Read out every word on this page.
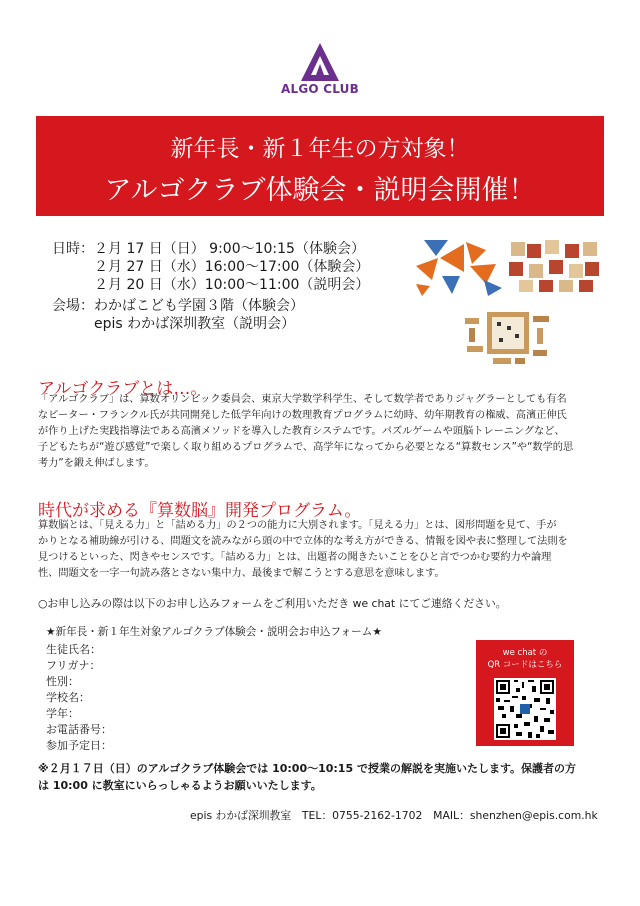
ALGO CLUB
新年長・新１年生の方対象！
アルゴクラブ体験会・説明会開催！
日時：２月 17 日（日） 9:00〜10:15（体験会）
　　　２月 27 日（水）16:00〜17:00（体験会）
　　　２月 20 日（水）10:00〜11:00（説明会）
会場：わかばこども学園３階（体験会）
　　　epis わかば深圳教室（説明会）
アルゴクラブとは…。
「アルゴクラブ」は、算数オリンピック委員会、東京大学数学科学生、そして数学者でありジャグラーとしても有名
なピーター・フランクル氏が共同開発した低学年向けの数理教育プログラムに幼時、幼年期教育の権威、高濱正伸氏
が作り上げた実践指導法である高濱メソッドを導入した教育システムです。パズルゲームや頭脳トレーニングなど、
子どもたちが“遊び感覚”で楽しく取り組めるプログラムで、高学年になってから必要となる“算数センス”や“数学的思
考力”を鍛え伸ばします。
時代が求める『算数脳』開発プログラム。
算数脳とは、「見える力」と「詰める力」の２つの能力に大別されます。「見える力」とは、図形問題を見て、手が
かりとなる補助線が引ける、問題文を読みながら頭の中で立体的な考え方ができる、情報を図や表に整理して法則を
見つけるといった、閃きやセンスです。「詰める力」とは、出題者の聞きたいことをひと言でつかむ要約力や論理
性、問題文を一字一句読み落とさない集中力、最後まで解こうとする意思を意味します。
○お申し込みの際は以下のお申し込みフォームをご利用いただき we chat にてご連絡ください。
★新年長・新１年生対象アルゴクラブ体験会・説明会お申込フォーム★
生徒氏名：
フリガナ：
性別：
学校名：
学年：
お電話番号：
参加予定日：
we chat の
QR コードはこちら
※２月１７日（日）のアルゴクラブ体験会では 10:00〜10:15 で授業の解説を実施いたします。保護者の方
は 10:00 に教室にいらっしゃるようお願いいたします。
epis わかば深圳教室　TEL：0755-2162-1702　MAIL：shenzhen@epis.com.hk
